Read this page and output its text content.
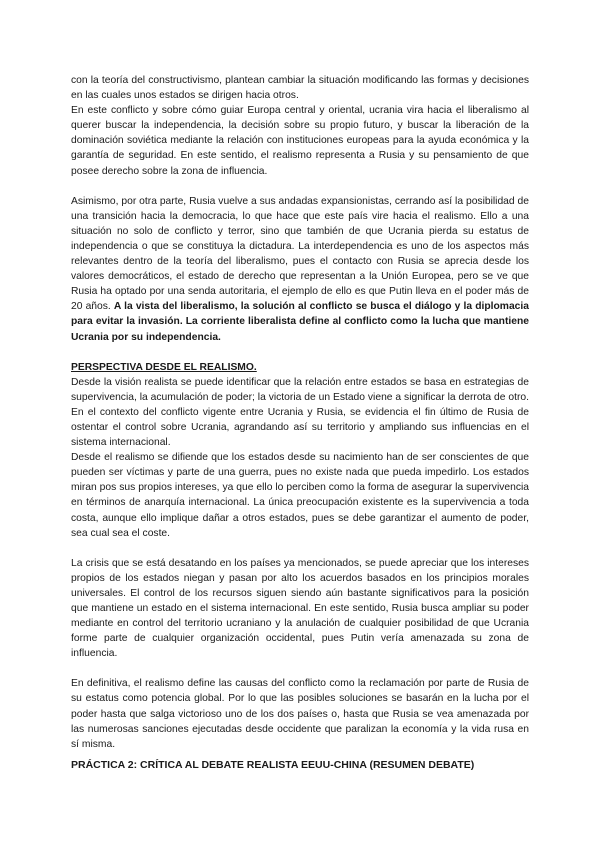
con la teoría del constructivismo, plantean cambiar la situación modificando las formas y decisiones en las cuales unos estados se dirigen hacia otros.

En este conflicto y sobre cómo guiar Europa central y oriental, ucrania vira hacia el liberalismo al querer buscar la independencia, la decisión sobre su propio futuro, y buscar la liberación de la dominación soviética mediante la relación con instituciones europeas para la ayuda económica y la garantía de seguridad. En este sentido, el realismo representa a Rusia y su pensamiento de que posee derecho sobre la zona de influencia.

Asimismo, por otra parte, Rusia vuelve a sus andadas expansionistas, cerrando así la posibilidad de una transición hacia la democracia, lo que hace que este país vire hacia el realismo. Ello a una situación no solo de conflicto y terror, sino que también de que Ucrania pierda su estatus de independencia o que se constituya la dictadura. La interdependencia es uno de los aspectos más relevantes dentro de la teoría del liberalismo, pues el contacto con Rusia se aprecia desde los valores democráticos, el estado de derecho que representan a la Unión Europea, pero se ve que Rusia ha optado por una senda autoritaria, el ejemplo de ello es que Putin lleva en el poder más de 20 años. A la vista del liberalismo, la solución al conflicto se busca el diálogo y la diplomacia para evitar la invasión. La corriente liberalista define al conflicto como la lucha que mantiene Ucrania por su independencia.

PERSPECTIVA DESDE EL REALISMO.

Desde la visión realista se puede identificar que la relación entre estados se basa en estrategias de supervivencia, la acumulación de poder; la victoria de un Estado viene a significar la derrota de otro. En el contexto del conflicto vigente entre Ucrania y Rusia, se evidencia el fin último de Rusia de ostentar el control sobre Ucrania, agrandando así su territorio y ampliando sus influencias en el sistema internacional.

Desde el realismo se difiende que los estados desde su nacimiento han de ser conscientes de que pueden ser víctimas y parte de una guerra, pues no existe nada que pueda impedirlo. Los estados miran pos sus propios intereses, ya que ello lo perciben como la forma de asegurar la supervivencia en términos de anarquía internacional. La única preocupación existente es la supervivencia a toda costa, aunque ello implique dañar a otros estados, pues se debe garantizar el aumento de poder, sea cual sea el coste.

La crisis que se está desatando en los países ya mencionados, se puede apreciar que los intereses propios de los estados niegan y pasan por alto los acuerdos basados en los principios morales universales. El control de los recursos siguen siendo aún bastante significativos para la posición que mantiene un estado en el sistema internacional. En este sentido, Rusia busca ampliar su poder mediante en control del territorio ucraniano y la anulación de cualquier posibilidad de que Ucrania forme parte de cualquier organización occidental, pues Putin vería amenazada su zona de influencia.

En definitiva, el realismo define las causas del conflicto como la reclamación por parte de Rusia de su estatus como potencia global. Por lo que las posibles soluciones se basarán en la lucha por el poder hasta que salga victorioso uno de los dos países o, hasta que Rusia se vea amenazada por las numerosas sanciones ejecutadas desde occidente que paralizan la economía y la vida rusa en sí misma.

PRÁCTICA 2: CRÍTICA AL DEBATE REALISTA EEUU-CHINA (RESUMEN DEBATE)
